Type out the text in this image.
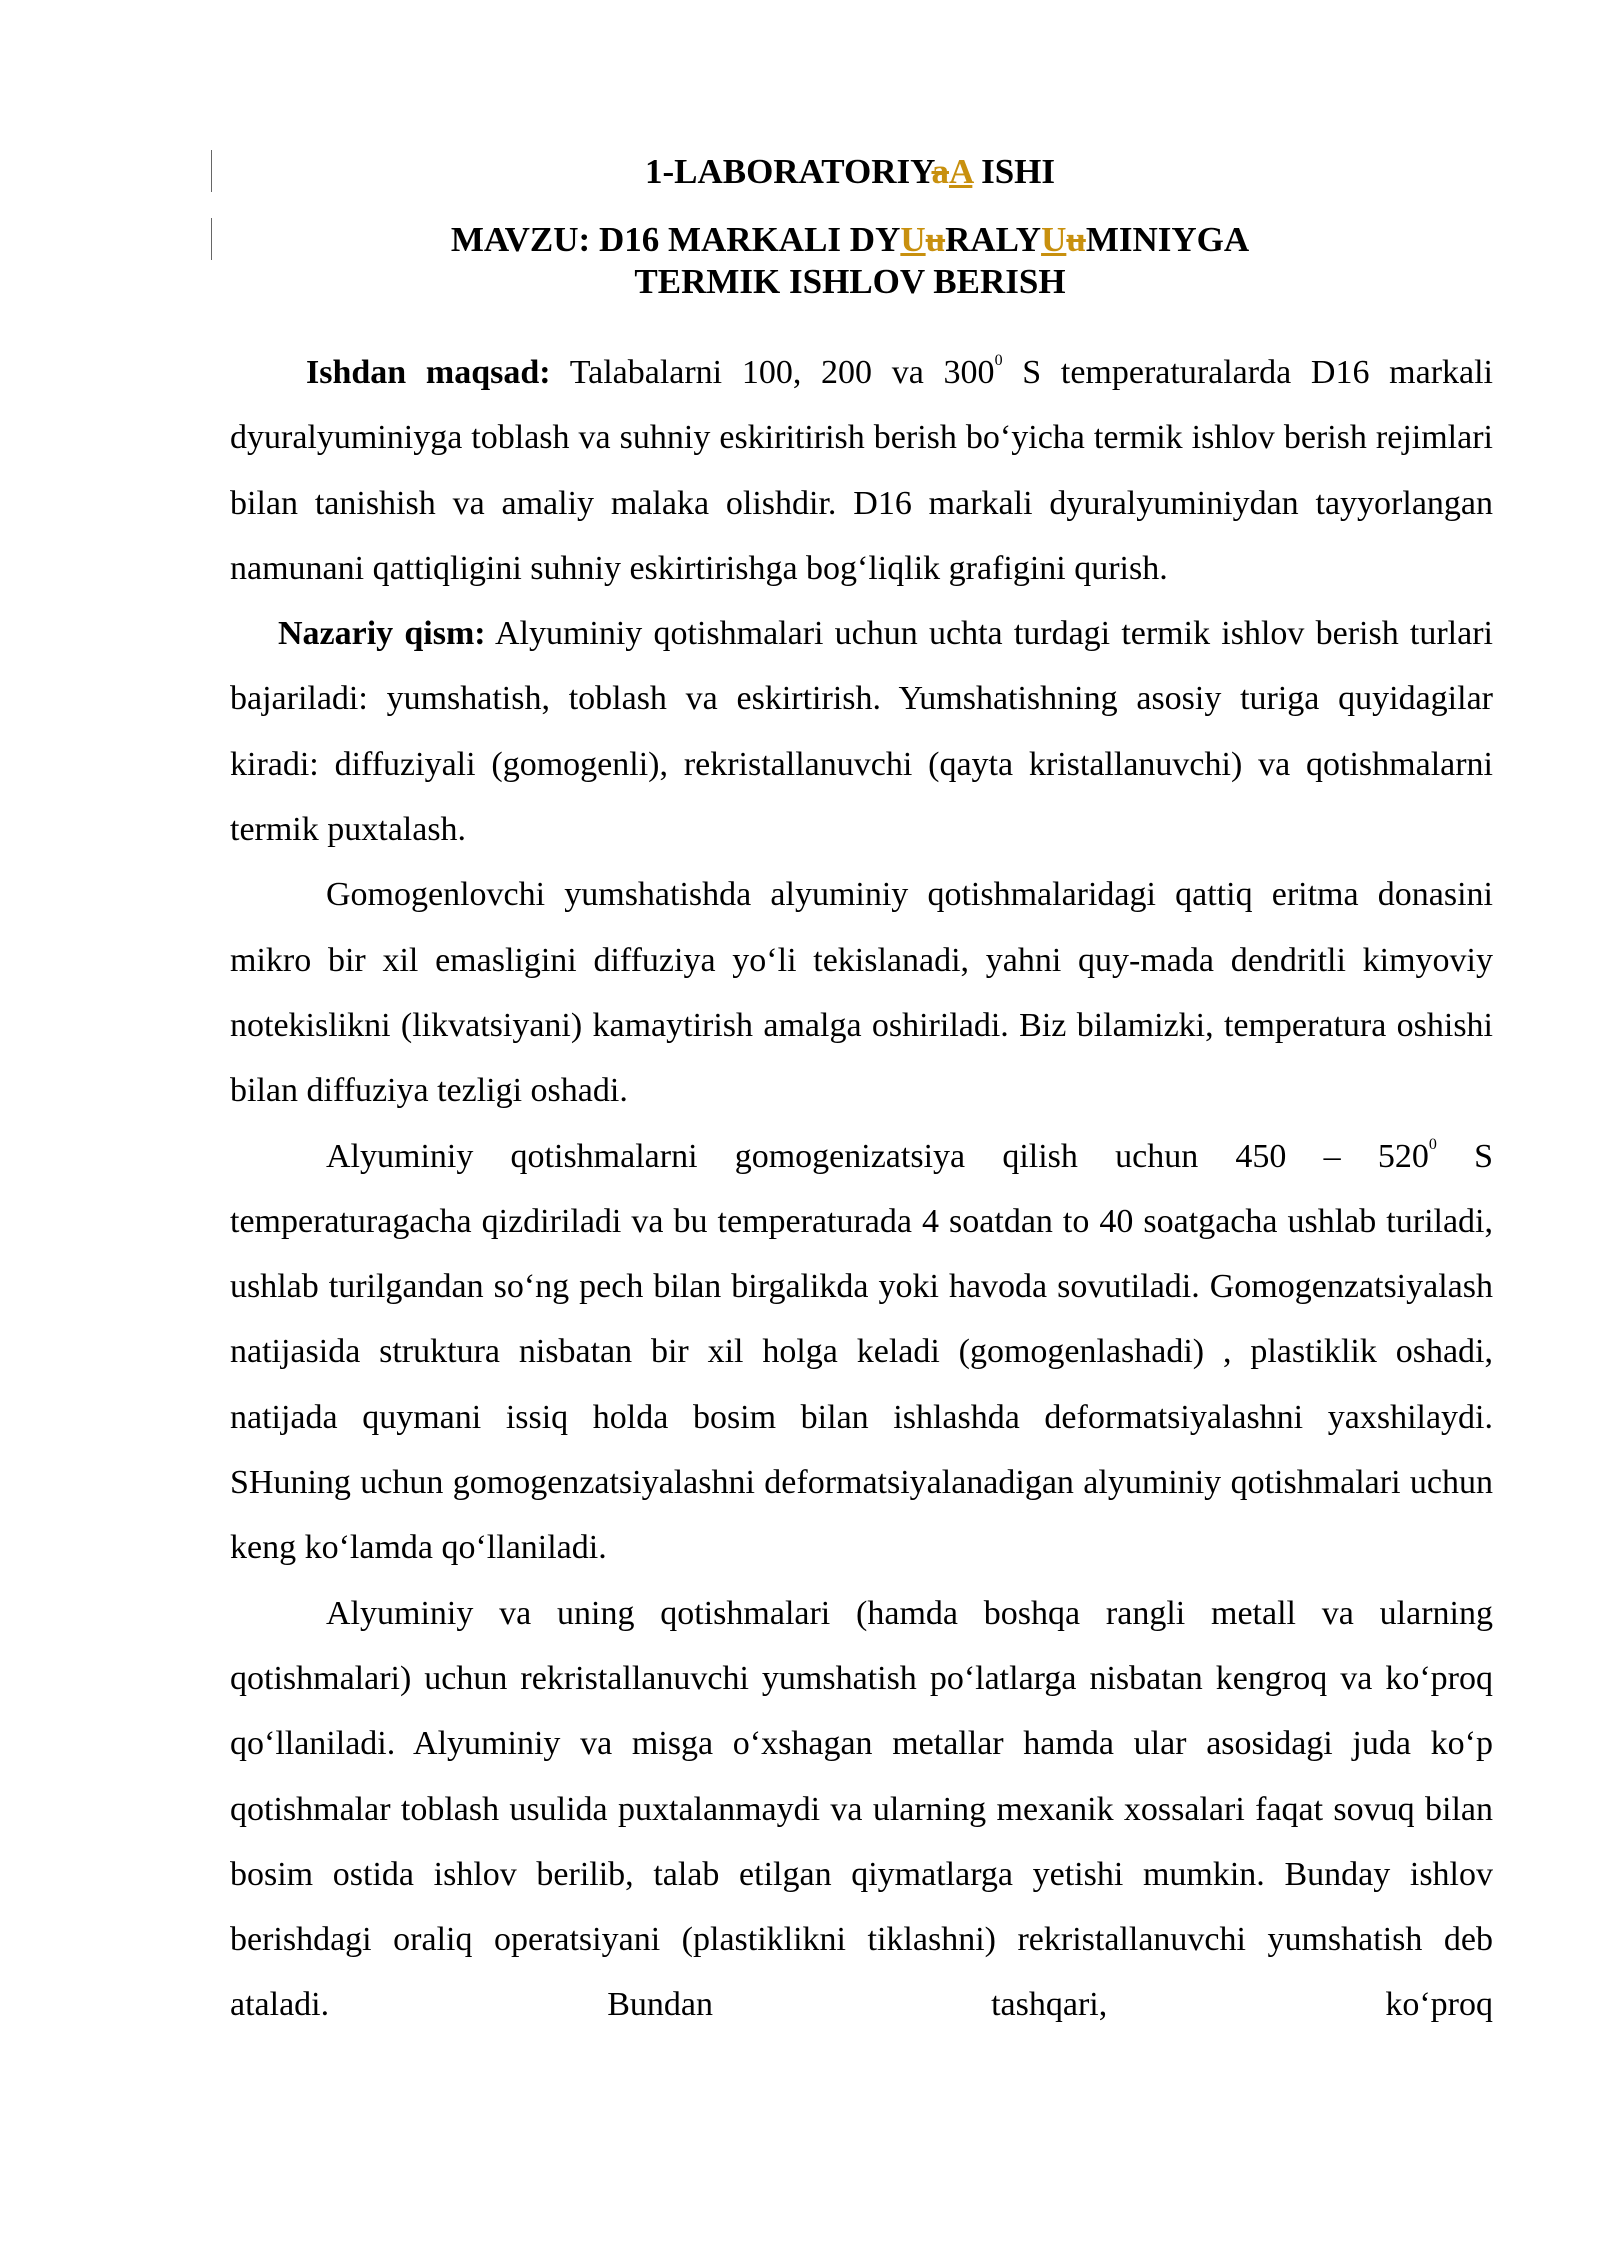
1-LABORATORIYaA ISHI

MAVZU: D16 MARKALI DYUuRALYUuMINIYGA

TERMIK ISHLOV BERISH

Ishdan maqsad: Talabalarni 100, 200 va $300^0$ S temperaturalarda D16 markali dyuralyuminiyga toblash va suhniy eskiritirish berish bo‘yicha termik ishlov berish rejimlari bilan tanishish va amaliy malaka olishdir. D16 markali dyuralyuminiydan tayyorlangan namunani qattiqligini suhniy eskirtirishga bog‘liqlik grafigini qurish.

Nazariy qism: Alyuminiy qotishmalari uchun uchta turdagi termik ishlov berish turlari bajariladi: yumshatish, toblash va eskirtirish. Yumshatishning asosiy turiga quyidagilar kiradi: diffuziyali (gomogenli), rekristallanuvchi (qayta kristallanuvchi) va qotishmalarni termik puxtalash.

Gomogenlovchi yumshatishda alyuminiy qotishmalaridagi qattiq eritma donasini mikro bir xil emasligini diffuziya yo‘li tekislanadi, yahni quy-mada dendritli kimyoviy notekislikni (likvatsiyani) kamaytirish amalga oshiriladi. Biz bilamizki, temperatura oshishi bilan diffuziya tezligi oshadi.

Alyuminiy qotishmalarni gomogenizatsiya qilish uchun $450 - 520^0$ S temperaturagacha qizdiriladi va bu temperaturada 4 soatdan to 40 soatgacha ushlab turiladi, ushlab turilgandan so‘ng pech bilan birgalikda yoki havoda sovutiladi. Gomogenzatsiyalash natijasida struktura nisbatan bir xil holga keladi (gomogenlashadi) , plastiklik oshadi, natijada quymani issiq holda bosim bilan ishlashda deformatsiyalashni yaxshilaydi. SHuning uchun gomogenzatsiyalashni deformatsiyalanadigan alyuminiy qotishmalari uchun keng ko‘lamda qo‘llaniladi.

Alyuminiy va uning qotishmalari (hamda boshqa rangli metall va ularning qotishmalari) uchun rekristallanuvchi yumshatish po‘latlarga nisbatan kengroq va ko‘proq qo‘llaniladi. Alyuminiy va misga o‘xshagan metallar hamda ular asosidagi juda ko‘p qotishmalar toblash usulida puxtalanmaydi va ularning mexanik xossalari faqat sovuq bilan bosim ostida ishlov berilib, talab etilgan qiymatlarga yetishi mumkin. Bunday ishlov berishdagi oraliq operatsiyani (plastiklikni tiklashni) rekristallanuvchi yumshatish deb ataladi. Bundan tashqari, ko‘proq
